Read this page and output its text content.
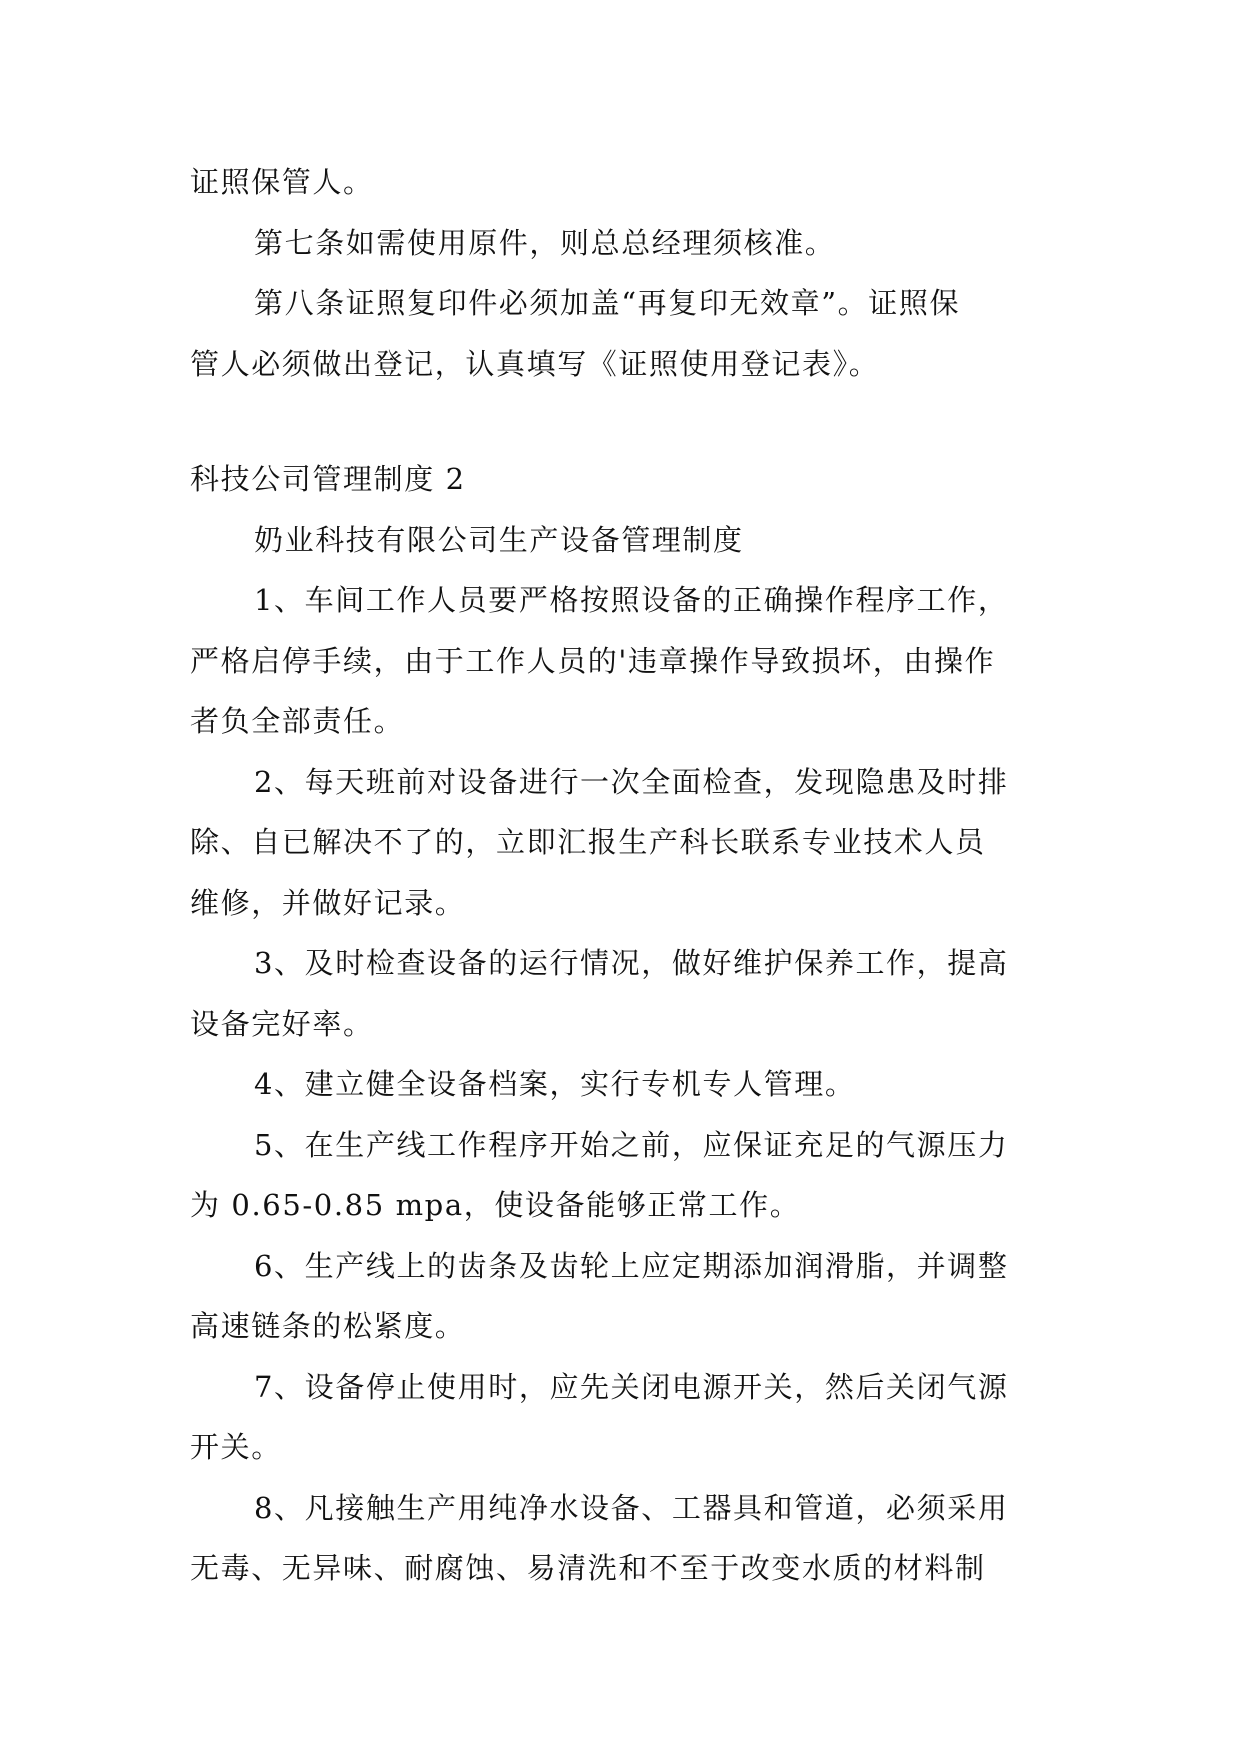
证照保管人。

第七条如需使用原件，则总总经理须核准。

第八条证照复印件必须加盖“再复印无效章”。证照保

管人必须做出登记，认真填写《证照使用登记表》。

科技公司管理制度 2

奶业科技有限公司生产设备管理制度

1、车间工作人员要严格按照设备的正确操作程序工作，

严格启停手续，由于工作人员的'违章操作导致损坏，由操作

者负全部责任。

2、每天班前对设备进行一次全面检查，发现隐患及时排

除、自已解决不了的，立即汇报生产科长联系专业技术人员

维修，并做好记录。

3、及时检查设备的运行情况，做好维护保养工作，提高

设备完好率。

4、建立健全设备档案，实行专机专人管理。

5、在生产线工作程序开始之前，应保证充足的气源压力

为 0.65-0.85 mpa，使设备能够正常工作。

6、生产线上的齿条及齿轮上应定期添加润滑脂，并调整

高速链条的松紧度。

7、设备停止使用时，应先关闭电源开关，然后关闭气源

开关。

8、凡接触生产用纯净水设备、工器具和管道，必须采用

无毒、无异味、耐腐蚀、易清洗和不至于改变水质的材料制
